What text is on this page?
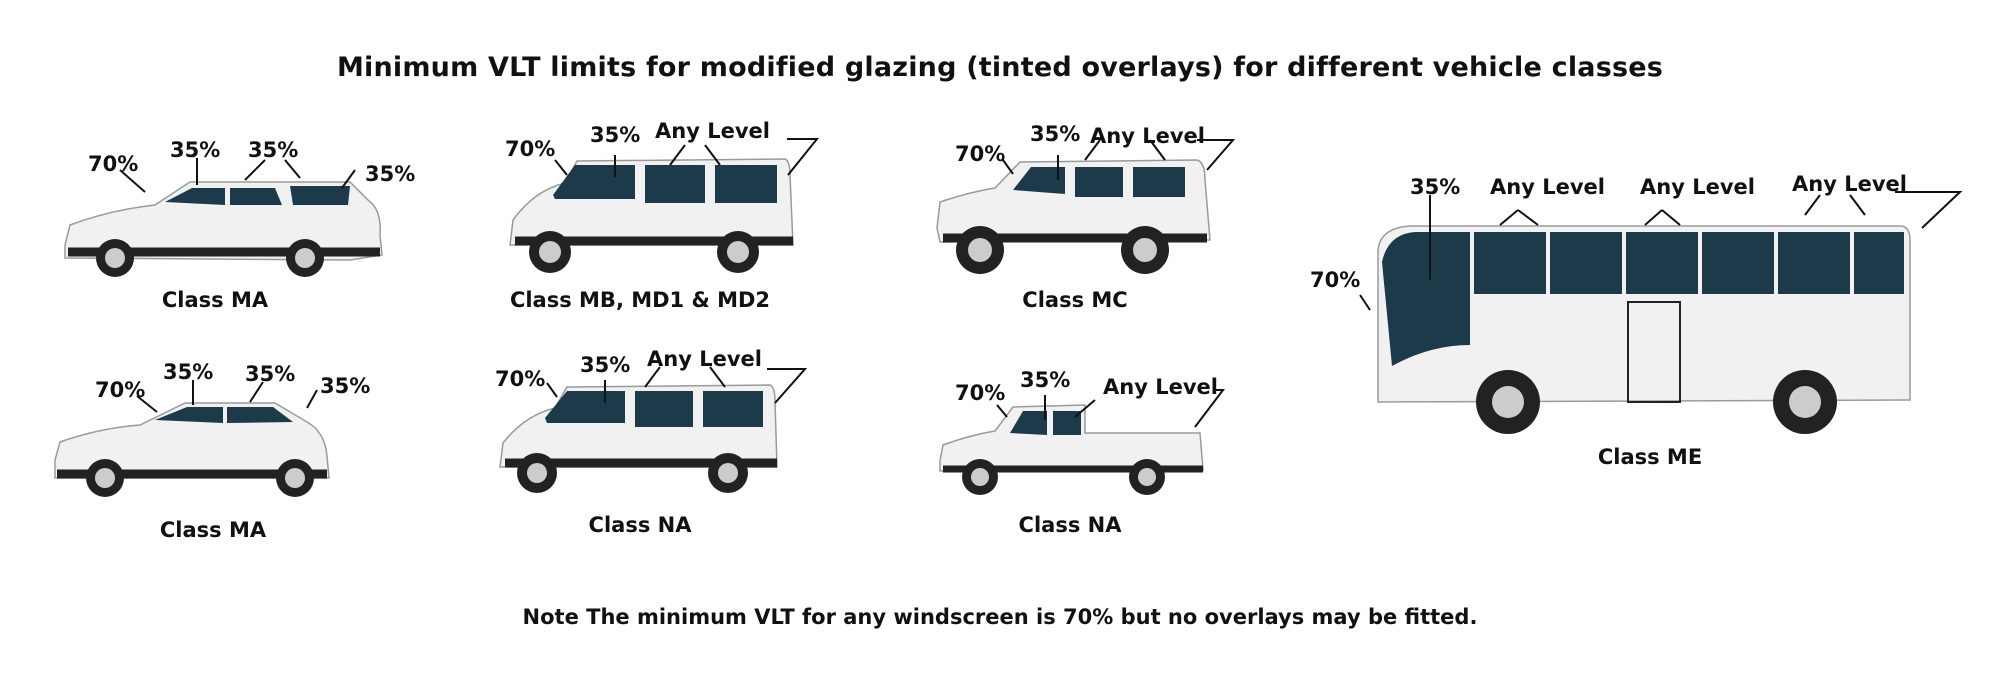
Minimum VLT limits for modified glazing (tinted overlays) for different vehicle classes
70%
35% 35%
35%
Class MA
70%
35% 35% 35%
Class MA
70%
35% Any Level
Class MB, MD1 & MD2
70%
35% Any Level
Class NA
70%
35% Any Level
Class MC
70%
35% Any Level
Class NA
70%
35% Any Level Any Level Any Level
Class ME
Note The minimum VLT for any windscreen is 70% but no overlays may be fitted.
